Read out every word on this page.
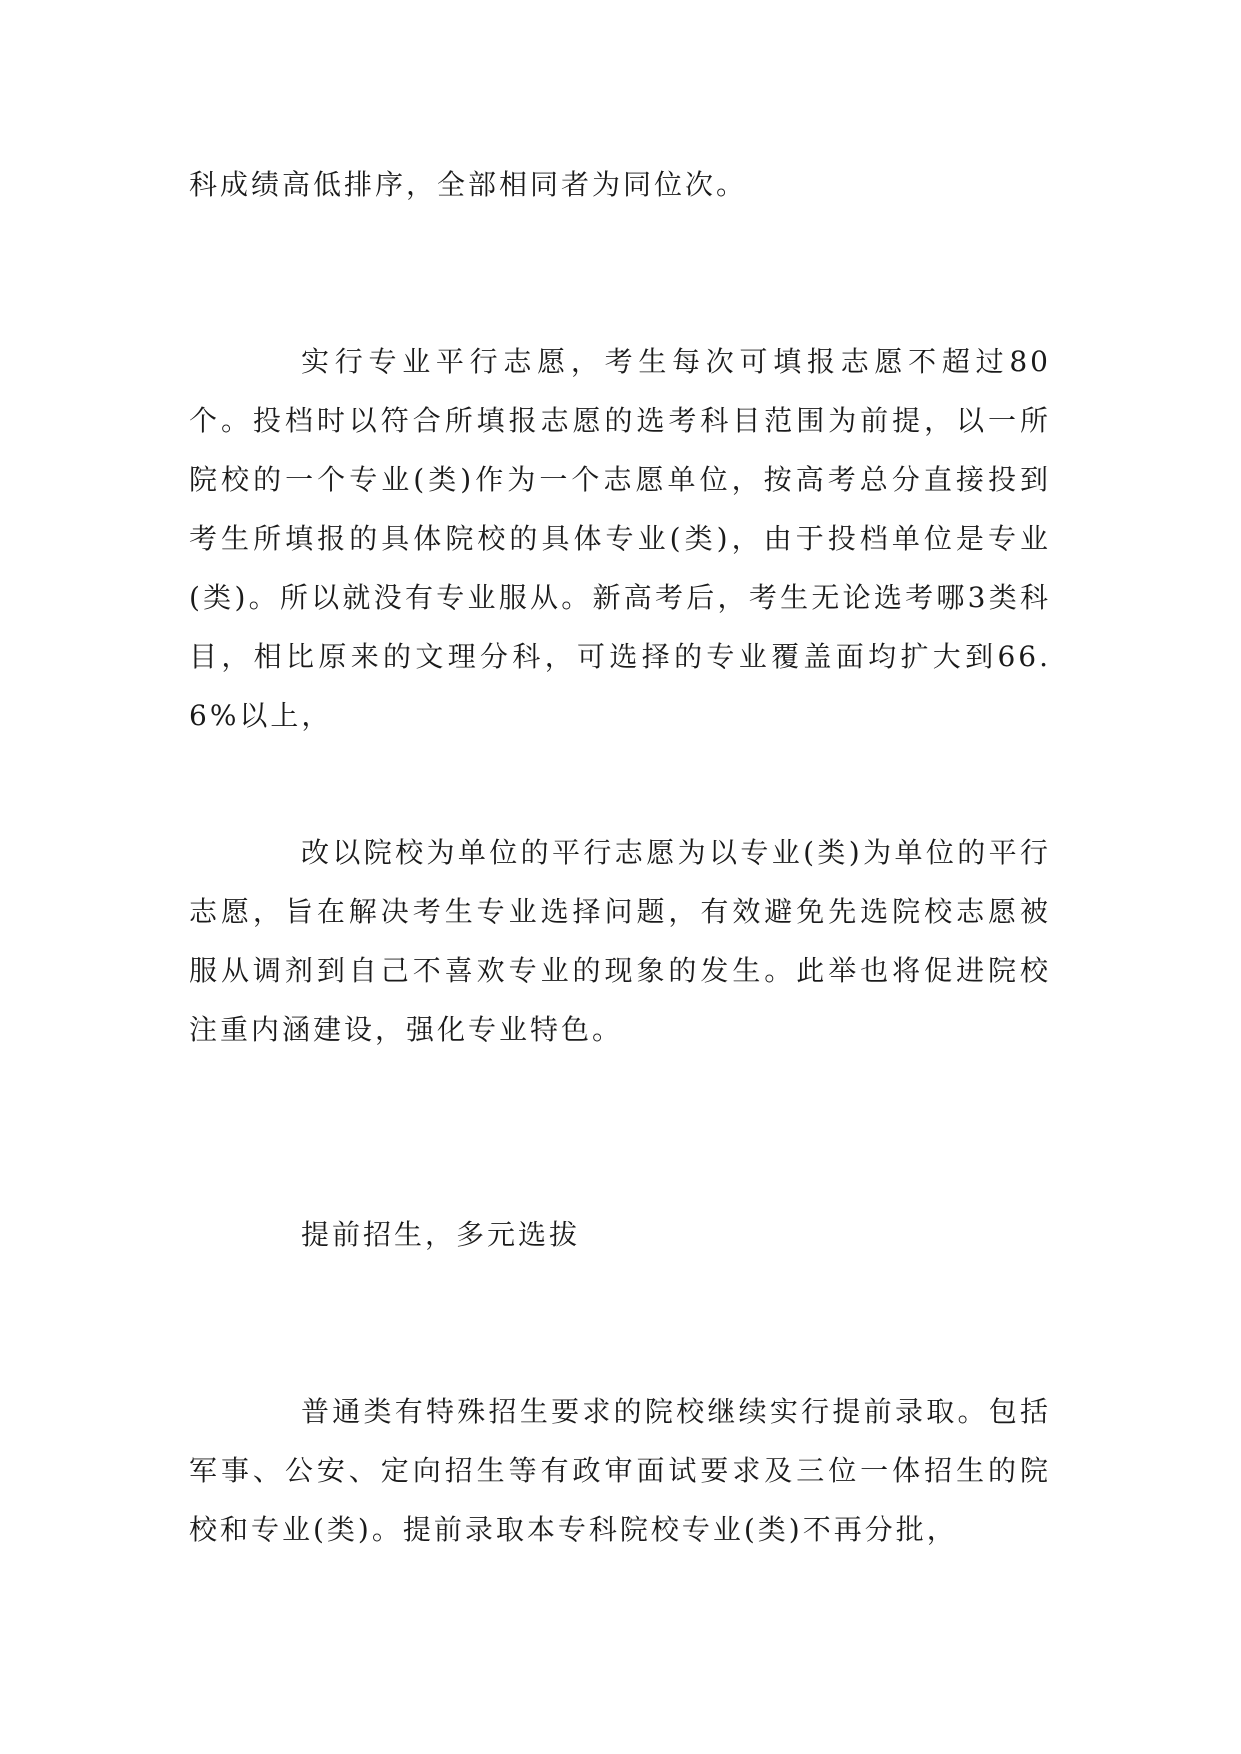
科成绩高低排序，全部相同者为同位次。

实行专业平行志愿，考生每次可填报志愿不超过80个。投档时以符合所填报志愿的选考科目范围为前提，以一所院校的一个专业(类)作为一个志愿单位，按高考总分直接投到考生所填报的具体院校的具体专业(类)，由于投档单位是专业(类)。所以就没有专业服从。新高考后，考生无论选考哪3类科目，相比原来的文理分科，可选择的专业覆盖面均扩大到66.6%以上，

改以院校为单位的平行志愿为以专业(类)为单位的平行志愿，旨在解决考生专业选择问题，有效避免先选院校志愿被服从调剂到自己不喜欢专业的现象的发生。此举也将促进院校注重内涵建设，强化专业特色。

提前招生，多元选拔

普通类有特殊招生要求的院校继续实行提前录取。包括军事、公安、定向招生等有政审面试要求及三位一体招生的院校和专业(类)。提前录取本专科院校专业(类)不再分批，
